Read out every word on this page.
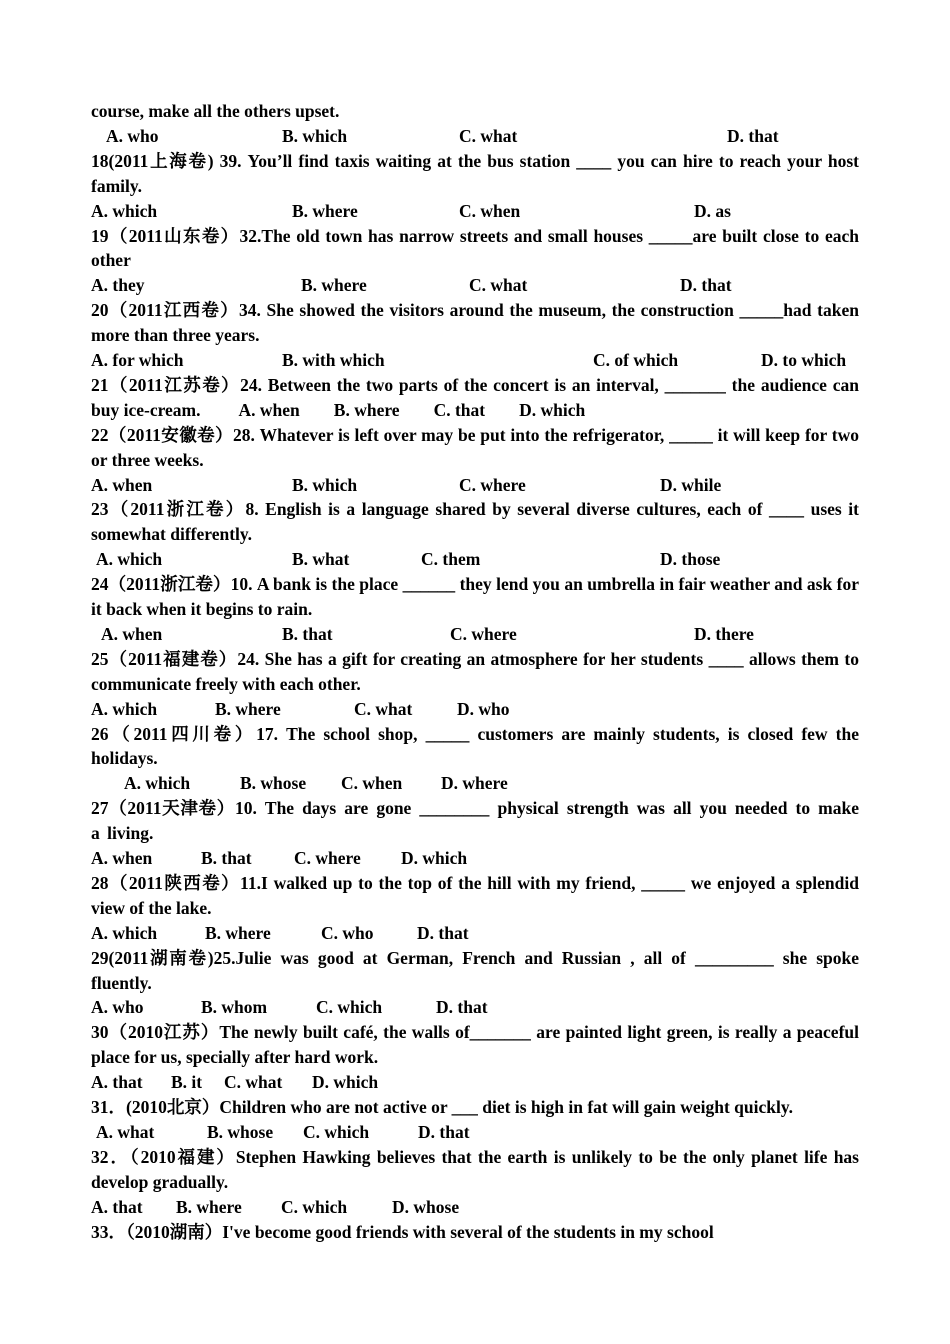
course, make all the others upset.
A. who	B. which	C. what	D. that
18(2011上海卷) 39. You’ll find taxis waiting at the bus station ____ you can hire to reach your host family.
A. which	B. where	C. when	D. as
19（2011山东卷）32.The old town has narrow streets and small houses _____are built close to each other
A. they	B. where	C. what	D. that
20（2011江西卷）34. She showed the visitors around the museum, the construction _____had taken more than three years.
A. for which	B. with which	C. of which	D. to which
21（2011江苏卷）24. Between the two parts of the concert is an interval, _______ the audience can buy ice-cream. A. when B. where C. that D. which
22（2011安徽卷）28. Whatever is left over may be put into the refrigerator, _____ it will keep for two or three weeks.
A. when	B. which	C. where	D. while
23（2011浙江卷）8. English is a language shared by several diverse cultures, each of ____ uses it somewhat differently.
A. which	B. what	C. them	D. those
24（2011浙江卷）10. A bank is the place ______ they lend you an umbrella in fair weather and ask for it back when it begins to rain.
A. when	B. that	C. where	D. there
25（2011福建卷）24. She has a gift for creating an atmosphere for her students ____ allows them to communicate freely with each other.
A. which	B. where	C. what	D. who
26（2011四川卷）17. The school shop, _____ customers are mainly students, is closed few the holidays.
A. which	B. whose C. when D. where
27（2011天津卷）10. The days are gone ________ physical strength was all you needed to make a living.
A. when	B. that C. where D. which
28（2011陕西卷）11.I walked up to the top of the hill with my friend, _____ we enjoyed a splendid view of the lake.
A. which	B. where	C. who D. that
29(2011湖南卷)25.Julie was good at German, French and Russian , all of _________ she spoke fluently.
A. who	B. whom	C. which	D. that
30（2010江苏）The newly built café, the walls of_______ are painted light green, is really a peaceful place for us, specially after hard work.
A. that B. it C. what D. which
31．(2010北京）Children who are not active or ___ diet is high in fat will gain weight quickly.
A. what	B. whose C. which	D. that
32．（2010福建）Stephen Hawking believes that the earth is unlikely to be the only planet life has develop gradually.
A. that B. where C. which	D. whose
33．（2010湖南）I've become good friends with several of the students in my school
